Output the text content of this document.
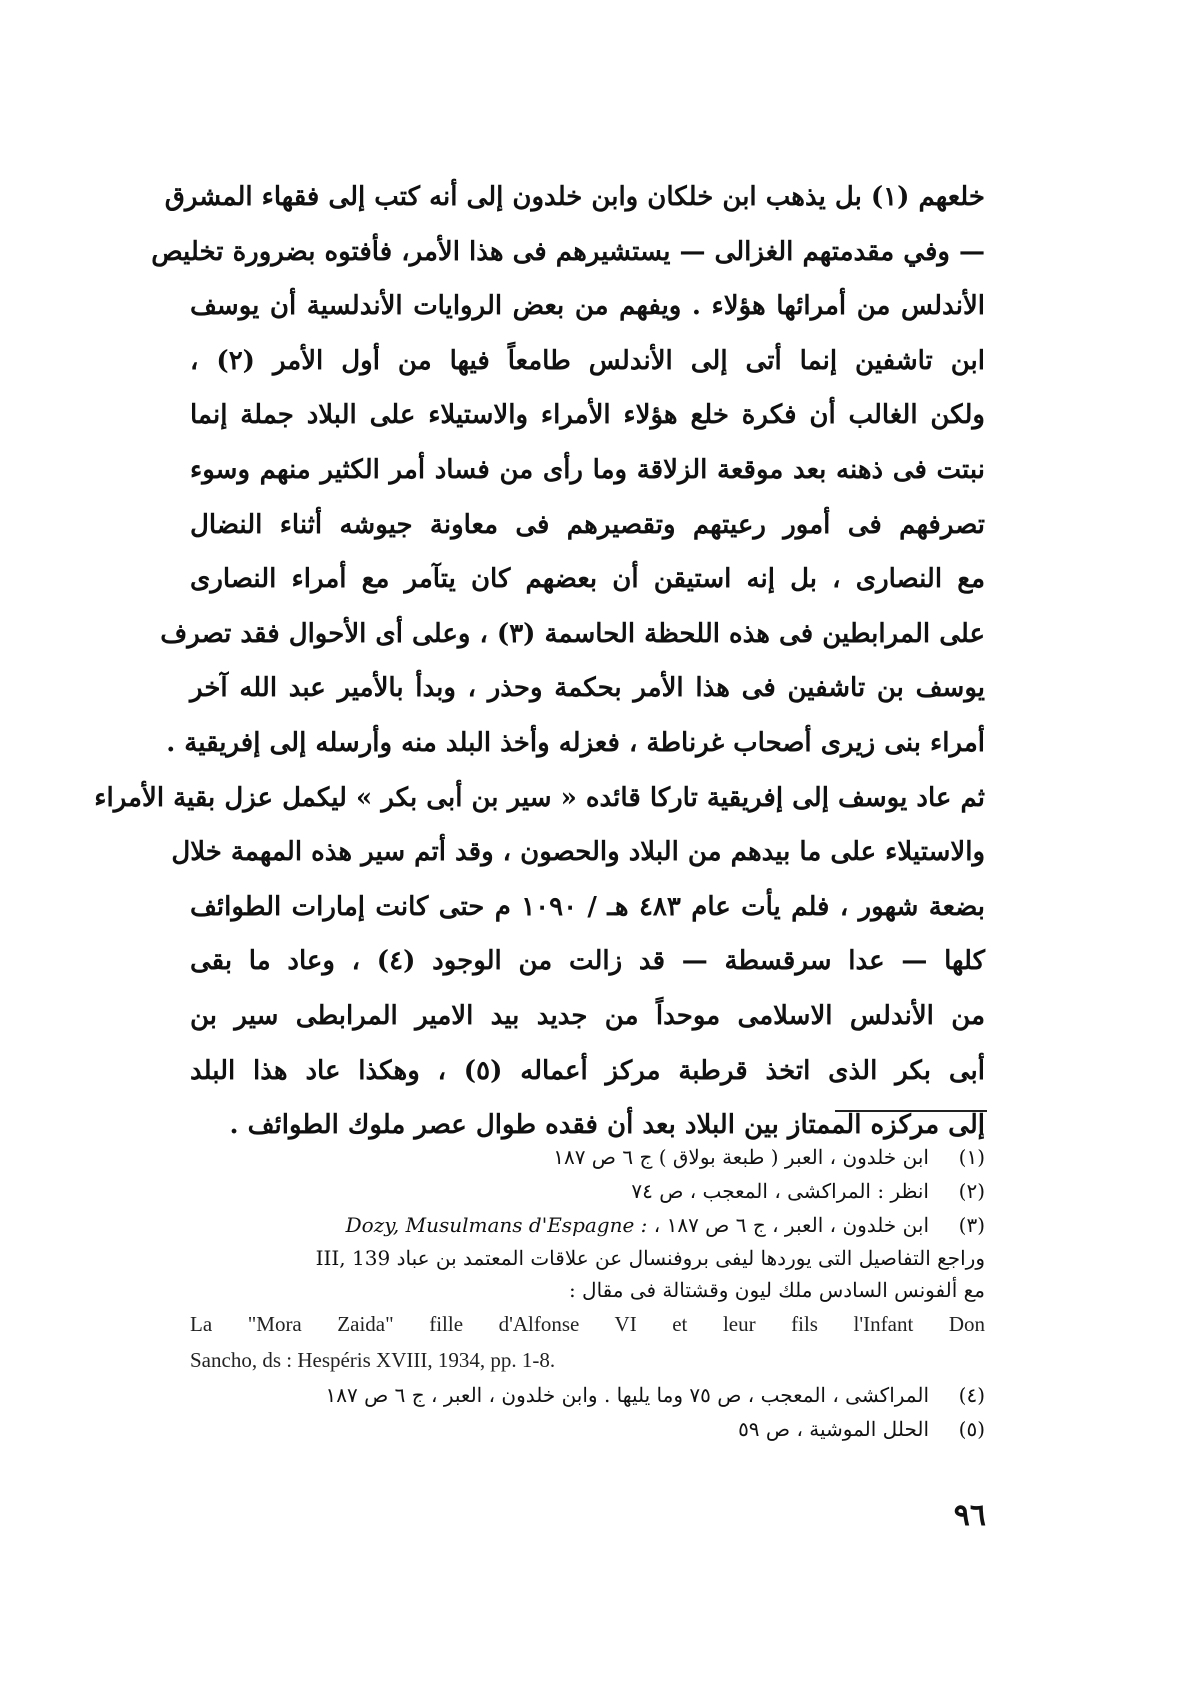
خلعهم (١) بل يذهب ابن خلكان وابن خلدون إلى أنه كتب إلى فقهاء المشرق
— وفي مقدمتهم الغزالى — يستشيرهم فى هذا الأمر، فأفتوه بضرورة تخليص
الأندلس من أمرائها هؤلاء . ويفهم من بعض الروايات الأندلسية أن يوسف
ابن تاشفين إنما أتى إلى الأندلس طامعاً فيها من أول الأمر (٢) ،
ولكن الغالب أن فكرة خلع هؤلاء الأمراء والاستيلاء على البلاد جملة إنما
نبتت فى ذهنه بعد موقعة الزلاقة وما رأى من فساد أمر الكثير منهم وسوء
تصرفهم فى أمور رعيتهم وتقصيرهم فى معاونة جيوشه أثناء النضال
مع النصارى ، بل إنه استيقن أن بعضهم كان يتآمر مع أمراء النصارى
على المرابطين فى هذه اللحظة الحاسمة (٣) ، وعلى أى الأحوال فقد تصرف
يوسف بن تاشفين فى هذا الأمر بحكمة وحذر ، وبدأ بالأمير عبد الله آخر
أمراء بنى زيرى أصحاب غرناطة ، فعزله وأخذ البلد منه وأرسله إلى إفريقية .
ثم عاد يوسف إلى إفريقية تاركا قائده « سير بن أبى بكر » ليكمل عزل بقية الأمراء
والاستيلاء على ما بيدهم من البلاد والحصون ، وقد أتم سير هذه المهمة خلال
بضعة شهور ، فلم يأت عام ٤٨٣ هـ / ١٠٩٠ م حتى كانت إمارات الطوائف
كلها — عدا سرقسطة — قد زالت من الوجود (٤) ، وعاد ما بقى
من الأندلس الاسلامى موحداً من جديد بيد الامير المرابطى سير بن
أبى بكر الذى اتخذ قرطبة مركز أعماله (٥) ، وهكذا عاد هذا البلد
إلى مركزه الممتاز بين البلاد بعد أن فقده طوال عصر ملوك الطوائف .
(١)ابن خلدون ، العبر ( طبعة بولاق ) ج ٦ ص ١٨٧
(٢)انظر : المراكشى ، المعجب ، ص ٧٤
(٣)ابن خلدون ، العبر ، ج ٦ ص ١٨٧ ، Dozy, Musulmans d'Espagne :
وراجع التفاصيل التى يوردها ليفى بروفنسال عن علاقات المعتمد بن عباد III, 139
مع ألفونس السادس ملك ليون وقشتالة فى مقال :
La "Mora Zaida" fille d'Alfonse VI et leur fils l'Infant Don
Sancho, ds : Hespéris XVIII, 1934, pp. 1-8.
(٤)المراكشى ، المعجب ، ص ٧٥ وما يليها . وابن خلدون ، العبر ، ج ٦ ص ١٨٧
(٥)الحلل الموشية ، ص ٥٩
٩٦
